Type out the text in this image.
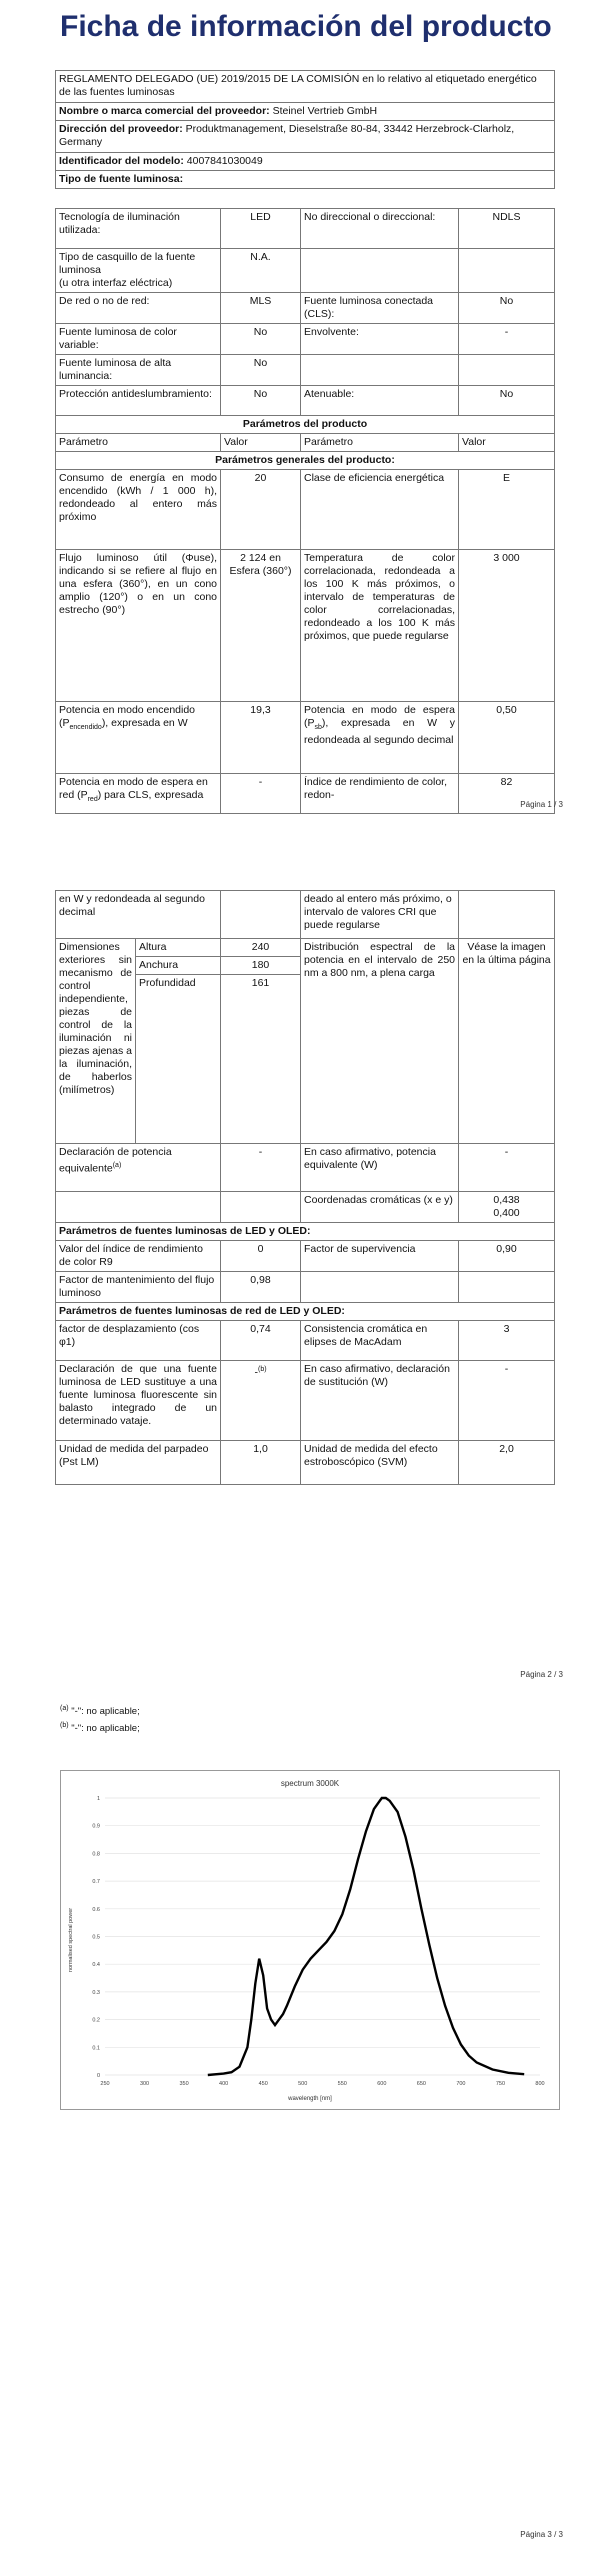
Ficha de información del producto
REGLAMENTO DELEGADO (UE) 2019/2015 DE LA COMISIÓN en lo relativo al etiquetado energético de las fuentes luminosas
Nombre o marca comercial del proveedor: Steinel Vertrieb GmbH
Dirección del proveedor: Produktmanagement, Dieselstraße 80-84, 33442 Herzebrock-Clarholz, Germany
Identificador del modelo: 4007841030049
Tipo de fuente luminosa:
Tecnología de iluminación utilizada:	LED	No direccional o direccional:	NDLS

Tipo de casquillo de la fuente luminosa
(u otra interfaz eléctrica)	N.A.		
De red o no de red:	MLS	Fuente luminosa conectada (CLS):	No
Fuente luminosa de color variable:	No	Envolvente:	-
Fuente luminosa de alta luminancia:	No		
Protección antideslumbramiento:	No	Atenuable:	No
Parámetros del producto			
Parámetro	Valor	Parámetro	Valor
Parámetros generales del producto:			
Consumo de energía en modo encendido (kWh / 1 000 h), redondeado al entero más próximo	20	Clase de eficiencia energética	E
Flujo luminoso útil (Φuse), indicando si se refiere al flujo en una esfera (360°), en un cono amplio (120°) o en un cono estrecho (90°)	2 124 en Esfera (360°)	Temperatura de color correlacionada, redondeada a los 100 K más próximos, o intervalo de temperaturas de color correlacionadas, redondeado a los 100 K más próximos, que puede regularse	3 000
Potencia en modo encendido $(P_{encendido})$, expresada en W	19,3	Potencia en modo de espera $(P_{sb})$, expresada en W y redondeada al segundo decimal	0,50
Potencia en modo de espera en red $(P_{red})$ para CLS, expresada	-	Índice de rendimiento de color, redon-	82
Página 1 / 3
en W y redondeada al segundo decimal			deado al entero más próximo, o intervalo de valores CRI que puede regularse	
Dimensiones exteriores sin mecanismo de control independiente, piezas de control de la iluminación ni piezas ajenas a la iluminación, de haberlos (milímetros)	Altura	240	Distribución espectral de la potencia en el intervalo de 250 nm a 800 nm, a plena carga	Véase la imagen en la última página
	Anchura	180		
	Profundidad	161		
Declaración de potencia equivalente$^{(a)}$		-	En caso afirmativo, potencia equivalente (W)	-
			Coordenadas cromáticas (x e y)	0,438
0,400

Parámetros de fuentes luminosas de LED y OLED:				
Valor del índice de rendimiento de color R9		0	Factor de supervivencia	0,90
Factor de mantenimiento del flujo luminoso		0,98		
Parámetros de fuentes luminosas de red de LED y OLED:				
factor de desplazamiento (cos φ1)		0,74	Consistencia cromática en elipses de MacAdam	3
Declaración de que una fuente luminosa de LED sustituye a una fuente luminosa fluorescente sin balasto integrado de un determinado vataje.		-$^{(b)}$	En caso afirmativo, declaración de sustitución (W)	-
Unidad de medida del parpadeo (Pst LM)		1,0	Unidad de medida del efecto estroboscópico (SVM)	2,0
$^{(a)}$ "-": no aplicable;
$^{(b)}$ "-": no aplicable;
Página 2 / 3
spectrum 3000K
0
0.1
0.2
0.3
0.4
0.5
0.6
0.7
0.8
0.9
1
250	300	350	400	450	500	550	600	650	700	750	800
wavelength [nm]
normalised spectral power
Página 3 / 3
